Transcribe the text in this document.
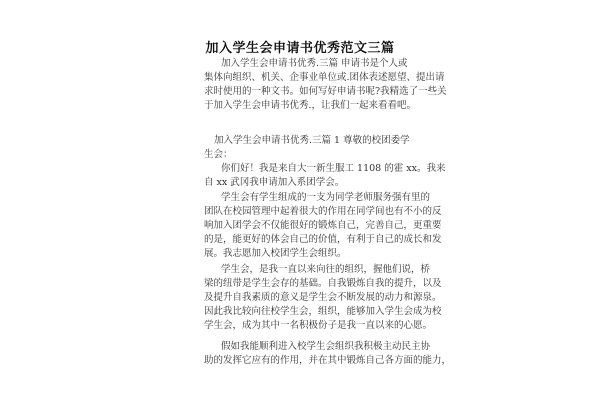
加入学生会申请书优秀范文三篇
加入学生会申请书优秀.三篇 申请书是个人或
集体向组织、机关、企事业单位或.团体表述愿望、提出请
求时使用的一种文书。如何写好申请书呢?我精选了一些关
于加入学生会申请书优秀.，让我们一起来看看吧。
加入学生会申请书优秀.三篇 1 尊敬的校团委学
生会：
你们好！我是来自大一新生服工 1108 的霍 xx。我来
自 xx 武冈我申请加入系团学会。
学生会有学生组成的一支为同学老师服务强有里的
团队在校园管理中起着很大的作用在同学间也有不小的反
响加入团学会不仅能很好的锻炼自己，完善自己，更重要
的是，能更好的体会自己的价值，有利于自己的成长和发
展。我志愿加入校团学生会组织。
学生会，是我一直以来向往的组织，握他们说，桥
梁的纽带是学生会存的基础。自我锻炼自我的提升，以及
及提升自我素质的意义是学生会不断发展的动力和源泉。
因此我比较向往校学生会，组织，能够加入学生会成为校
学生会，成为其中一名积极份子是我一直以来的心愿。
假如我能顺利进入校学生会组织我积极主动民主协
助的发挥它应有的作用，并在其中锻炼自己各方面的能力，
